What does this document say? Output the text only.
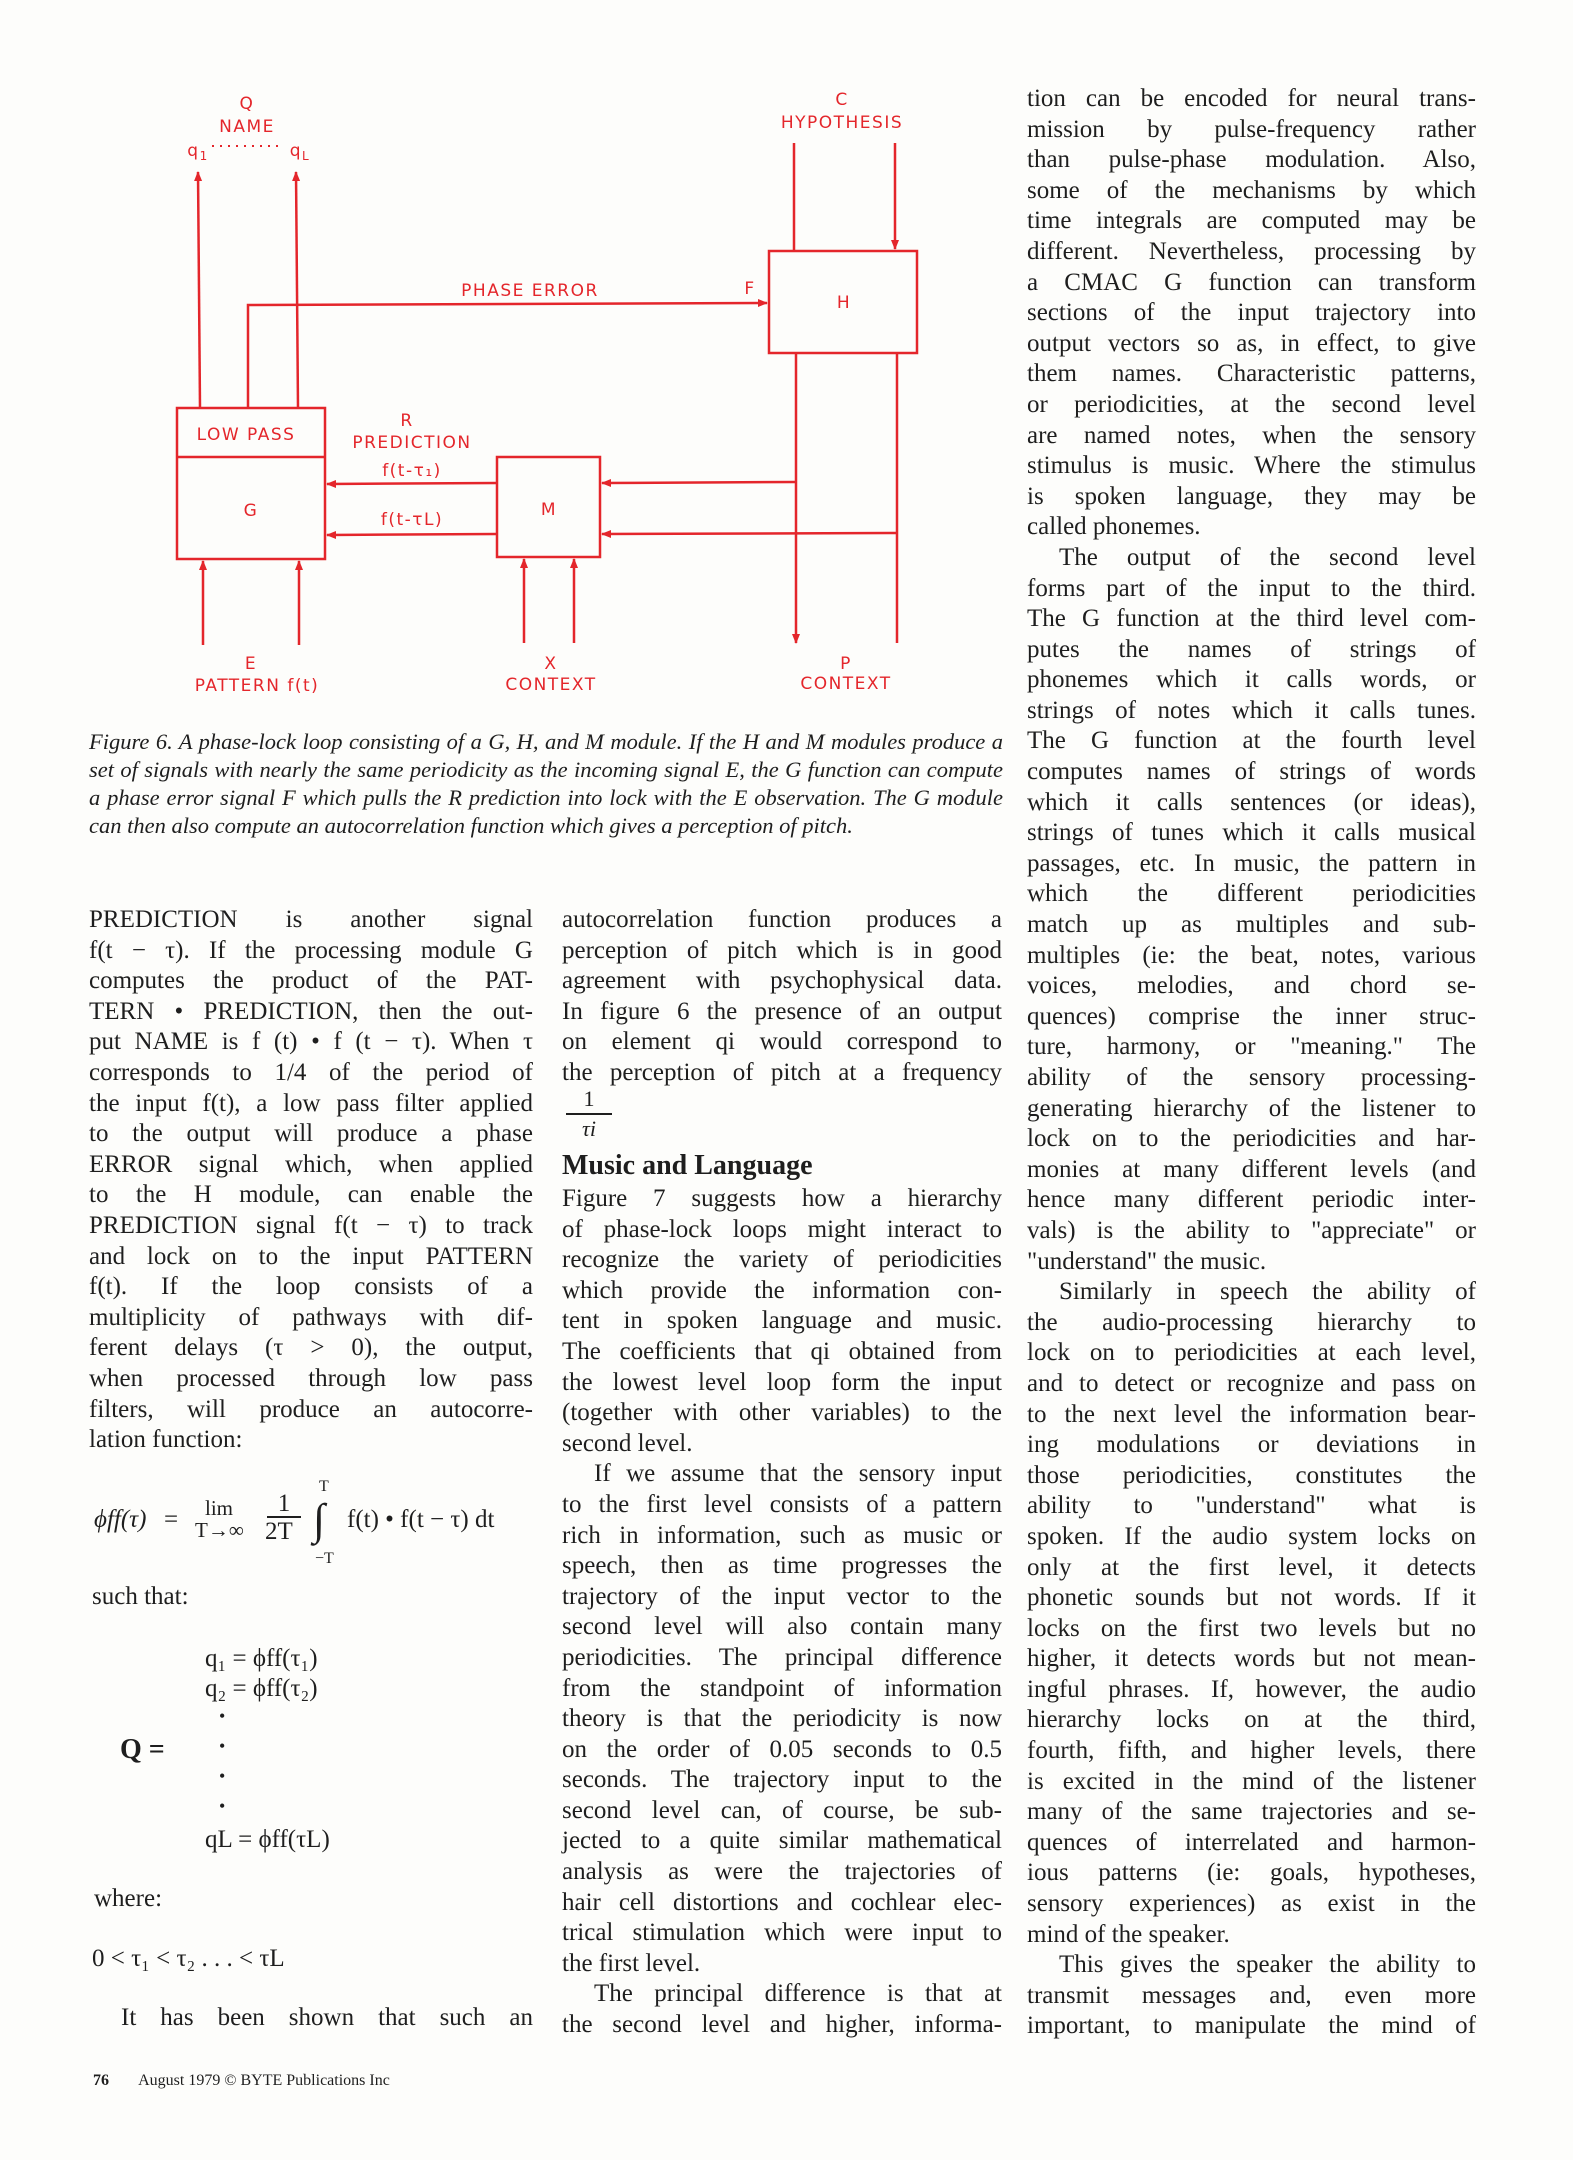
Q
NAME
$q_1$	$q_L$
C
HYPOTHESIS
PHASE ERROR	F
H
LOW PASS
G	M
R
PREDICTION
f(t-τ₁)
f(t-τL)
E
PATTERN f(t)
X
CONTEXT
P
CONTEXT
Figure 6. A phase-lock loop consisting of a G, H, and M module. If the H and M modules produce a set of signals with nearly the same periodicity as the incoming signal E, the G function can compute a phase error signal F which pulls the R prediction into lock with the E observation. The G module can then also compute an autocorrelation function which gives a perception of pitch.
PREDICTION is another signal
f(t − τ). If the processing module G
computes the product of the PAT-
TERN • PREDICTION, then the out-
put NAME is f (t) • f (t − τ). When τ
corresponds to 1/4 of the period of
the input f(t), a low pass filter applied
to the output will produce a phase
ERROR signal which, when applied
to the H module, can enable the
PREDICTION signal f(t − τ) to track
and lock on to the input PATTERN
f(t). If the loop consists of a
multiplicity of pathways with dif-
ferent delays (τ > 0), the output,
when processed through low pass
filters, will produce an autocorre-
lation function:
ϕff(τ) = lim
T→∞
1
2T
T
∫
−T
f(t) • f(t − τ) dt
such that:
q₁ = ϕff(τ₁)
q₂ = ϕff(τ₂)
•
•
•
•
Q =
qL = ϕff(τL)
where:
0 < τ₁ < τ₂ . . . < τL
It has been shown that such an
autocorrelation function produces a
perception of pitch which is in good
agreement with psychophysical data.
In figure 6 the presence of an output
on element qi would correspond to
the perception of pitch at a frequency
$\frac{1}{\tau i}$
Music and Language
Figure 7 suggests how a hierarchy
of phase-lock loops might interact to
recognize the variety of periodicities
which provide the information con-
tent in spoken language and music.
The coefficients that qi obtained from
the lowest level loop form the input
(together with other variables) to the
second level.
If we assume that the sensory input
to the first level consists of a pattern
rich in information, such as music or
speech, then as time progresses the
trajectory of the input vector to the
second level will also contain many
periodicities. The principal difference
from the standpoint of information
theory is that the periodicity is now
on the order of 0.05 seconds to 0.5
seconds. The trajectory input to the
second level can, of course, be sub-
jected to a quite similar mathematical
analysis as were the trajectories of
hair cell distortions and cochlear elec-
trical stimulation which were input to
the first level.
The principal difference is that at
the second level and higher, informa-
tion can be encoded for neural trans-
mission by pulse-frequency rather
than pulse-phase modulation. Also,
some of the mechanisms by which
time integrals are computed may be
different. Nevertheless, processing by
a CMAC G function can transform
sections of the input trajectory into
output vectors so as, in effect, to give
them names. Characteristic patterns,
or periodicities, at the second level
are named notes, when the sensory
stimulus is music. Where the stimulus
is spoken language, they may be
called phonemes.
The output of the second level
forms part of the input to the third.
The G function at the third level com-
putes the names of strings of
phonemes which it calls words, or
strings of notes which it calls tunes.
The G function at the fourth level
computes names of strings of words
which it calls sentences (or ideas),
strings of tunes which it calls musical
passages, etc. In music, the pattern in
which the different periodicities
match up as multiples and sub-
multiples (ie: the beat, notes, various
voices, melodies, and chord se-
quences) comprise the inner struc-
ture, harmony, or "meaning." The
ability of the sensory processing-
generating hierarchy of the listener to
lock on to the periodicities and har-
monies at many different levels (and
hence many different periodic inter-
vals) is the ability to "appreciate" or
"understand" the music.
Similarly in speech the ability of
the audio-processing hierarchy to
lock on to periodicities at each level,
and to detect or recognize and pass on
to the next level the information bear-
ing modulations or deviations in
those periodicities, constitutes the
ability to "understand" what is
spoken. If the audio system locks on
only at the first level, it detects
phonetic sounds but not words. If it
locks on the first two levels but no
higher, it detects words but not mean-
ingful phrases. If, however, the audio
hierarchy locks on at the third,
fourth, fifth, and higher levels, there
is excited in the mind of the listener
many of the same trajectories and se-
quences of interrelated and harmon-
ious patterns (ie: goals, hypotheses,
sensory experiences) as exist in the
mind of the speaker.
This gives the speaker the ability to
transmit messages and, even more
important, to manipulate the mind of
76 August 1979 © BYTE Publications Inc
